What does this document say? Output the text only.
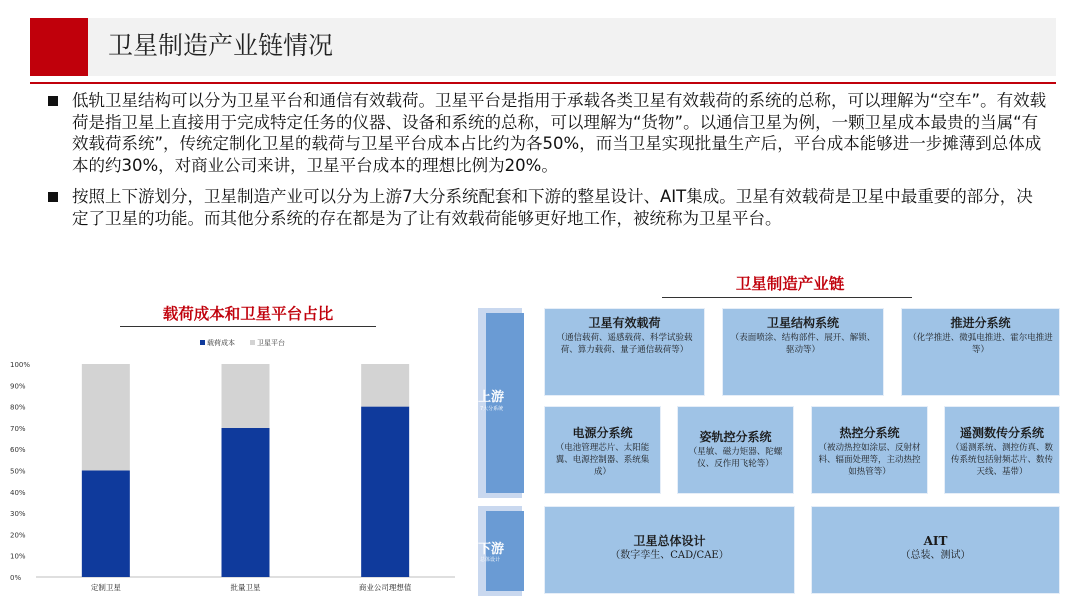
卫星制造产业链情况
低轨卫星结构可以分为卫星平台和通信有效载荷。卫星平台是指用于承载各类卫星有效载荷的系统的总称，可以理解为“空车”。有效载荷是指卫星上直接用于完成特定任务的仪器、设备和系统的总称，可以理解为“货物”。以通信卫星为例，一颗卫星成本最贵的当属“有效载荷系统”，传统定制化卫星的载荷与卫星平台成本占比约为各50%，而当卫星实现批量生产后，平台成本能够进一步摊薄到总体成本的约30%，对商业公司来讲，卫星平台成本的理想比例为20%。
按照上下游划分，卫星制造产业可以分为上游7大分系统配套和下游的整星设计、AIT集成。卫星有效载荷是卫星中最重要的部分，决定了卫星的功能。而其他分系统的存在都是为了让有效载荷能够更好地工作，被统称为卫星平台。
载荷成本和卫星平台占比
0%
10%
20%
30%
40%
50%
60%
70%
80%
90%
100%
定制卫星	批量卫星	商业公司理想值
载荷成本	卫星平台
卫星制造产业链
上游
7大分系统
下游
总体设计
卫星有效载荷
（通信载荷、遥感载荷、科学试验载荷、算力载荷、量子通信载荷等）
卫星结构系统
（表面喷涂、结构部件、展开、解锁、驱动等）
推进分系统
（化学推进、微弧电推进、霍尔电推进等）
电源分系统
（电池管理芯片、太阳能翼、电源控制器、系统集成）
姿轨控分系统
（星敏、磁力矩器、陀螺仪、反作用飞轮等）
热控分系统
（被动热控如涂层、反射材料、辐面处理等，主动热控如热管等）
遥测数传分系统
（遥测系统、测控仿真、数传系统包括射频芯片、数传天线、基带）
卫星总体设计
（数字孪生、CAD/CAE）
AIT
（总装、测试）
